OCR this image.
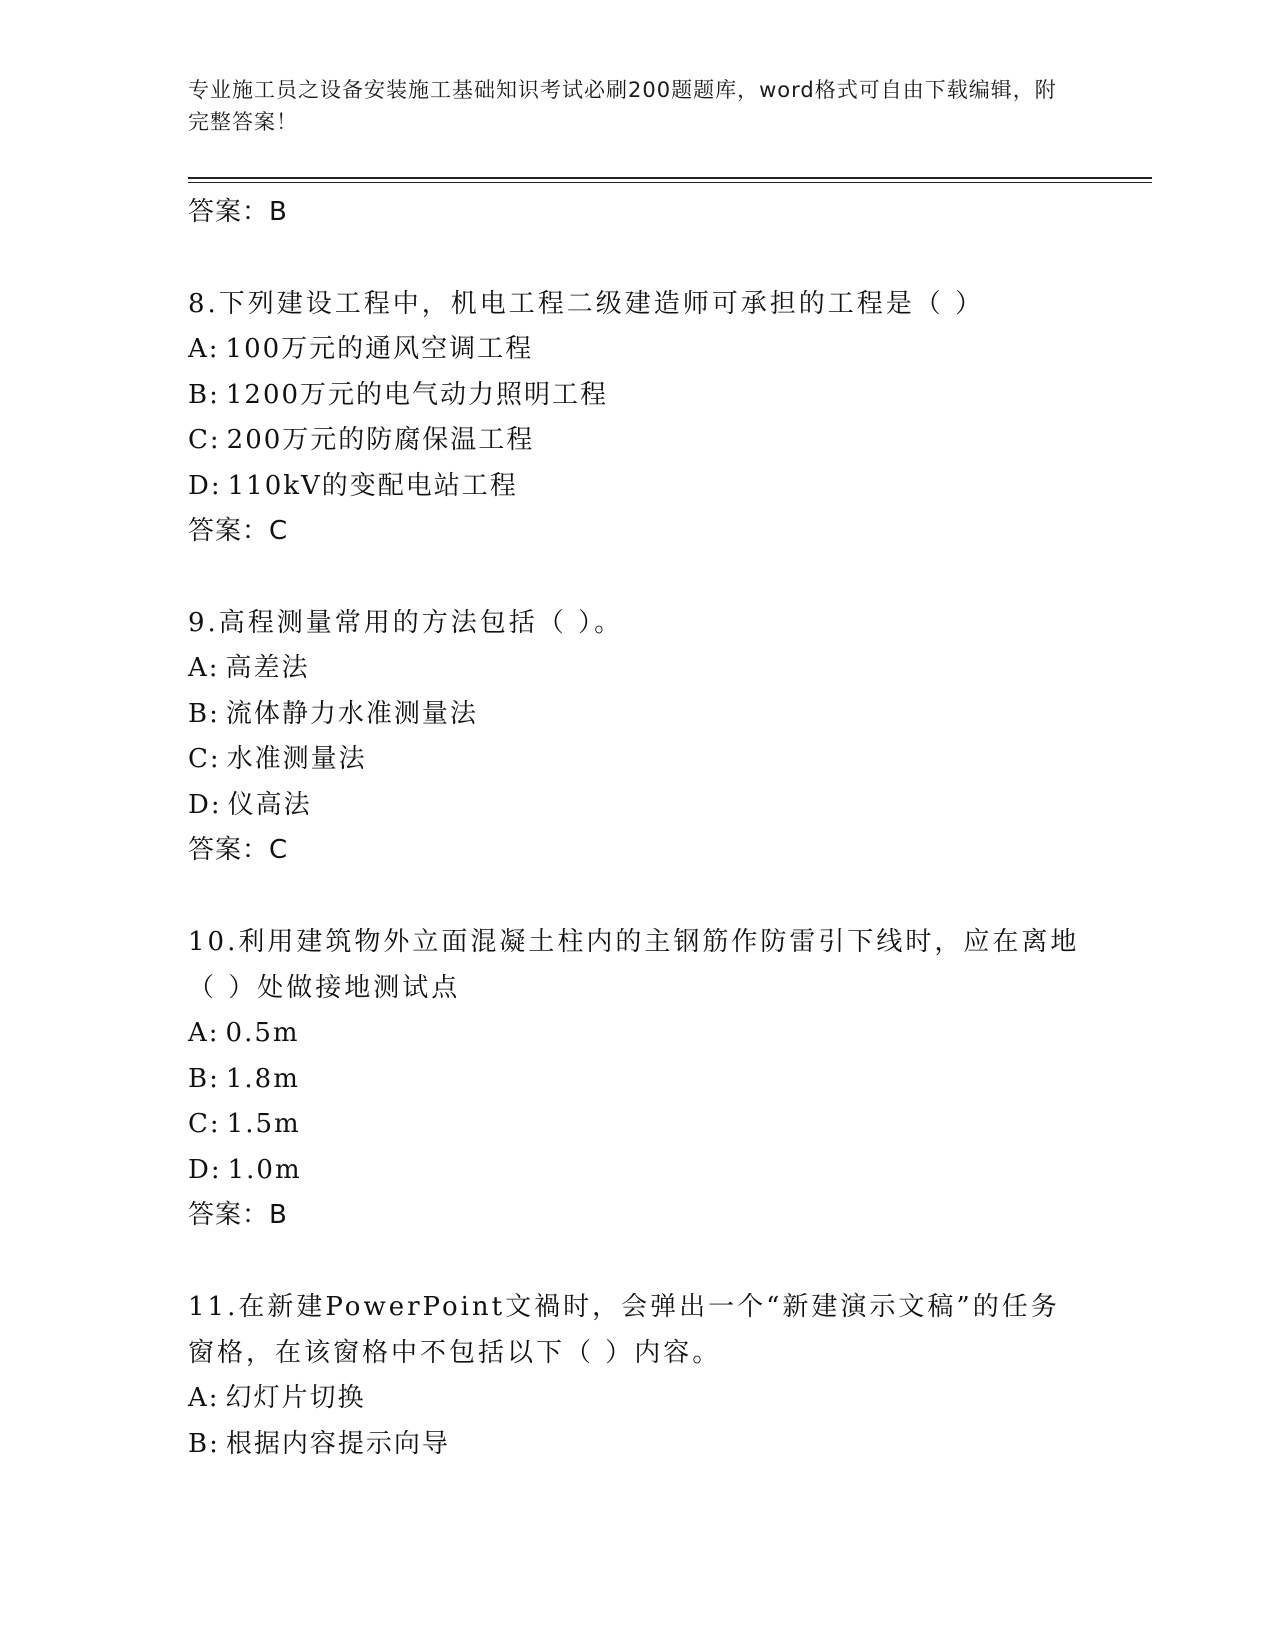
专业施工员之设备安装施工基础知识考试必刷200题题库，word格式可自由下载编辑，附完整答案！
答案：B
8.下列建设工程中，机电工程二级建造师可承担的工程是（ ）
A: 100万元的通风空调工程
B: 1200万元的电气动力照明工程
C: 200万元的防腐保温工程
D: 110kV的变配电站工程
答案：C
9.高程测量常用的方法包括（ ）。
A: 高差法
B: 流体静力水准测量法
C: 水准测量法
D: 仪高法
答案：C
10.利用建筑物外立面混凝土柱内的主钢筋作防雷引下线时，应在离地（ ）处做接地测试点
A: 0.5m
B: 1.8m
C: 1.5m
D: 1.0m
答案：B
11.在新建PowerPoint文禍时，会弹出一个“新建演示文稿”的任务窗格，在该窗格中不包括以下（ ）内容。
A: 幻灯片切换
B: 根据内容提示向导
